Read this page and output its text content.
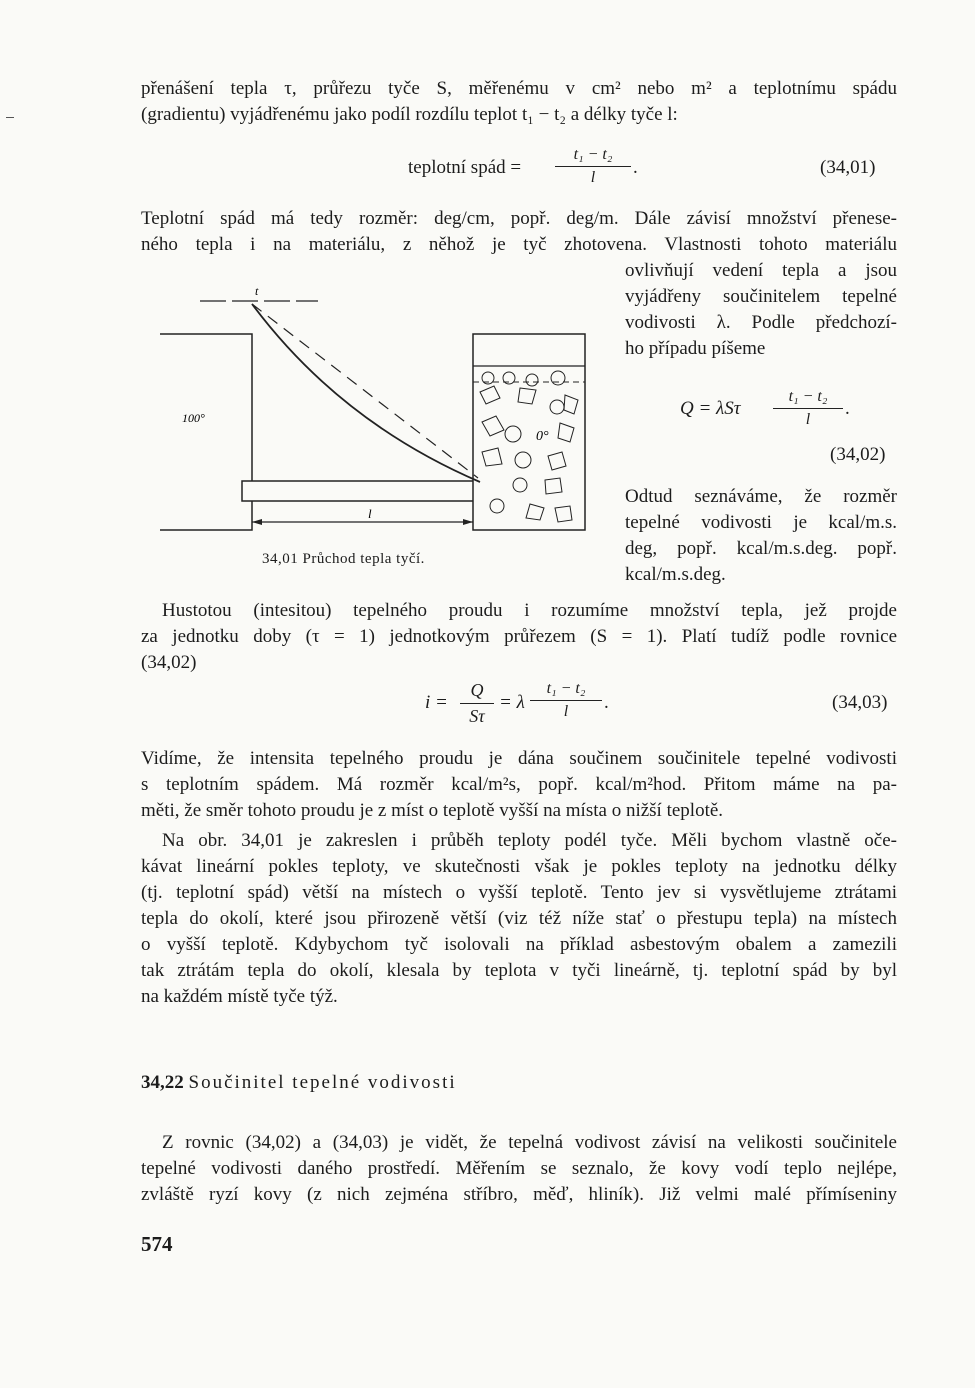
přenášení tepla τ, průřezu tyče S, měřenému v cm² nebo m² a teplotnímu spádu
(gradientu) vyjádřenému jako podíl rozdílu teplot t₁ − t₂ a délky tyče l:
teplotní spád =
t₁ − t₂
l	.	(34,01)
Teplotní spád má tedy rozměr: deg/cm, popř. deg/m. Dále závisí množství přenese-
ného tepla i na materiálu, z něhož je tyč zhotovena. Vlastnosti tohoto materiálu
ovlivňují vedení tepla a jsou
vyjádřeny součinitelem tepelné
vodivosti λ. Podle předchozí-
ho případu píšeme
Q = λSτ
t₁ − t₂
l
.
(34,02)
Odtud seznáváme, že rozměr
tepelné vodivosti je kcal/m.s.
deg, popř. kcal/m.s.deg. popř.
kcal/m.s.deg.
100°
0°
t
l
34,01 Průchod tepla tyčí.
Hustotou (intesitou) tepelného proudu i rozumíme množství tepla, jež projde
za jednotku doby (τ = 1) jednotkovým průřezem (S = 1). Platí tudíž podle rovnice
(34,02)
i =
Q
Sτ
= λ
t₁ − t₂
l	.	(34,03)
Vidíme, že intensita tepelného proudu je dána součinem součinitele tepelné vodivosti
s teplotním spádem. Má rozměr kcal/m²s, popř. kcal/m²hod. Přitom máme na pa-
měti, že směr tohoto proudu je z míst o teplotě vyšší na místa o nižší teplotě.
Na obr. 34,01 je zakreslen i průběh teploty podél tyče. Měli bychom vlastně oče-
kávat lineární pokles teploty, ve skutečnosti však je pokles teploty na jednotku délky
(tj. teplotní spád) větší na místech o vyšší teplotě. Tento jev si vysvětlujeme ztrátami
tepla do okolí, které jsou přirozeně větší (viz též níže stať o přestupu tepla) na místech
o vyšší teplotě. Kdybychom tyč isolovali na příklad asbestovým obalem a zamezili
tak ztrátám tepla do okolí, klesala by teplota v tyči lineárně, tj. teplotní spád by byl
na každém místě tyče týž.
34,22 Součinitel tepelné vodivosti
Z rovnic (34,02) a (34,03) je vidět, že tepelná vodivost závisí na velikosti součinitele
tepelné vodivosti daného prostředí. Měřením se seznalo, že kovy vodí teplo nejlépe,
zvláště ryzí kovy (z nich zejména stříbro, měď, hliník). Již velmi malé přímíseniny
574
